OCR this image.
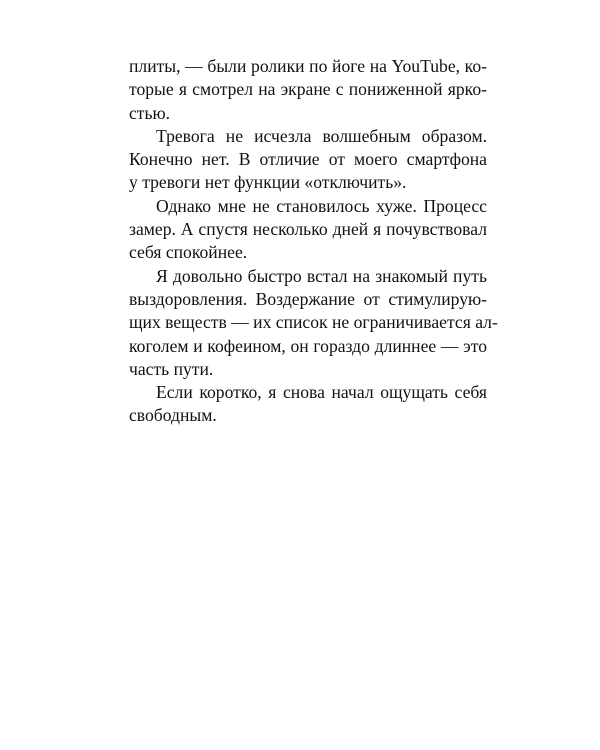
плиты, — были ролики по йоге на YouTube, ко-
торые я смотрел на экране с пониженной ярко-
стью.

Тревога не исчезла волшебным образом.
Конечно нет. В отличие от моего смартфона
у тревоги нет функции «отключить».

Однако мне не становилось хуже. Процесс
замер. А спустя несколько дней я почувствовал
себя спокойнее.

Я довольно быстро встал на знакомый путь
выздоровления. Воздержание от стимулирую-
щих веществ — их список не ограничивается ал-
коголем и кофеином, он гораздо длиннее — это
часть пути.

Если коротко, я снова начал ощущать себя
свободным.
